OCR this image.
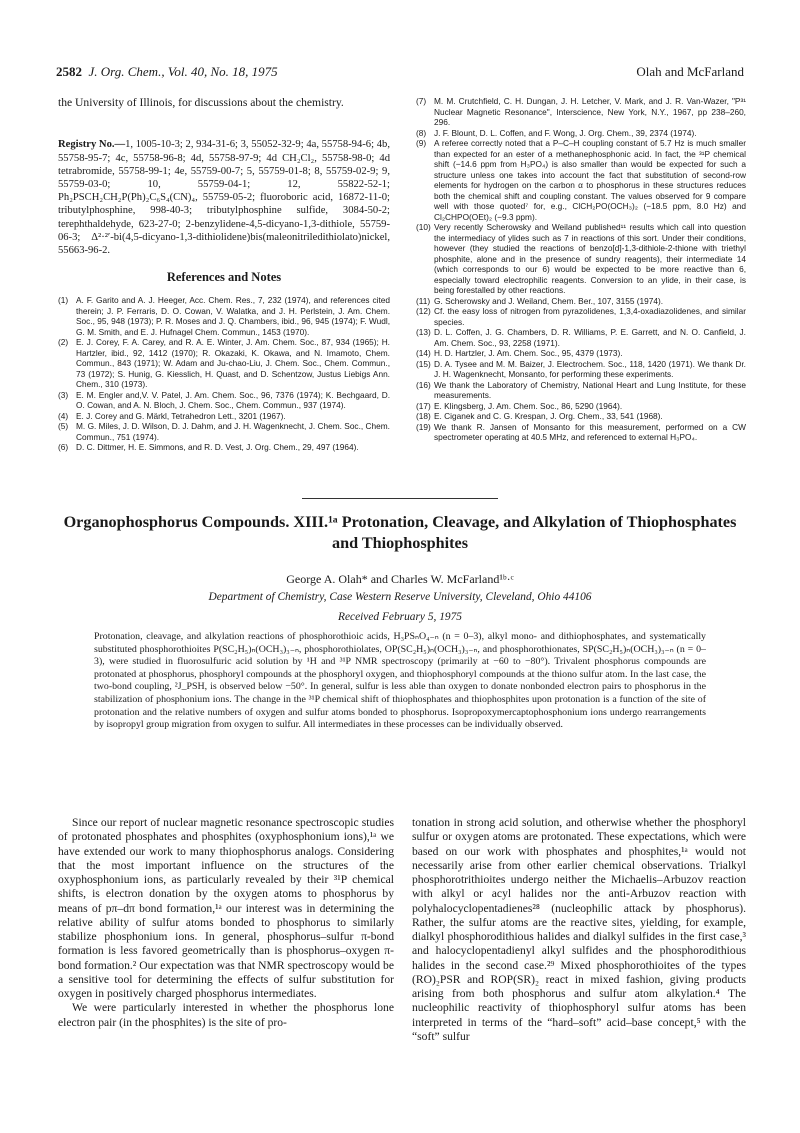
2582 J. Org. Chem., Vol. 40, No. 18, 1975	Olah and McFarland

the University of Illinois, for discussions about the chemistry.

Registry No.—1, 1005-10-3; 2, 934-31-6; 3, 55052-32-9; 4a, 55758-94-6; 4b, 55758-95-7; 4c, 55758-96-8; 4d, 55758-97-9; 4d CH₂Cl₂, 55758-98-0; 4d tetrabromide, 55758-99-1; 4e, 55759-00-7; 5, 55759-01-8; 8, 55759-02-9; 9, 55759-03-0; 10, 55759-04-1; 12, 55822-52-1; Ph₂PSCH₂CH₂P(Ph)₂C₆S₄(CN)₄, 55759-05-2; fluoroboric acid, 16872-11-0; tributylphosphine, 998-40-3; tributylphosphine sulfide, 3084-50-2; terephthaldehyde, 623-27-0; 2-benzylidene-4,5-dicyano-1,3-dithiole, 55759-06-3; Δ²·²′-bi(4,5-dicyano-1,3-dithiolidene)bis(maleonitriledithiolato)nickel, 55663-96-2.

References and Notes
(1) A. F. Garito and A. J. Heeger, Acc. Chem. Res., 7, 232 (1974), and references cited therein; J. P. Ferraris, D. O. Cowan, V. Walatka, and J. H. Perlstein, J. Am. Chem. Soc., 95, 948 (1973); P. R. Moses and J. Q. Chambers, ibid., 96, 945 (1974); F. Wudl, G. M. Smith, and E. J. Hufnagel Chem. Commun., 1453 (1970).
(2) E. J. Corey, F. A. Carey, and R. A. E. Winter, J. Am. Chem. Soc., 87, 934 (1965); H. Hartzler, ibid., 92, 1412 (1970); R. Okazaki, K. Okawa, and N. Imamoto, Chem. Commun., 843 (1971); W. Adam and Ju-chao-Liu, J. Chem. Soc., Chem. Commun., 73 (1972); S. Hunig, G. Kiesslich, H. Quast, and D. Schentzow, Justus Liebigs Ann. Chem., 310 (1973).
(3) E. M. Engler and,V. V. Patel, J. Am. Chem. Soc., 96, 7376 (1974); K. Bechgaard, D. O. Cowan, and A. N. Bloch, J. Chem. Soc., Chem. Commun., 937 (1974).
(4) E. J. Corey and G. Märkl, Tetrahedron Lett., 3201 (1967).
(5) M. G. Miles, J. D. Wilson, D. J. Dahm, and J. H. Wagenknecht, J. Chem. Soc., Chem. Commun., 751 (1974).
(6) D. C. Dittmer, H. E. Simmons, and R. D. Vest, J. Org. Chem., 29, 497 (1964).
(7) M. M. Crutchfield, C. H. Dungan, J. H. Letcher, V. Mark, and J. R. Van-Wazer, "P³¹ Nuclear Magnetic Resonance", Interscience, New York, N.Y., 1967, pp 238–260, 296.
(8) J. F. Blount, D. L. Coffen, and F. Wong, J. Org. Chem., 39, 2374 (1974).
(9) A referee correctly noted that a P–C–H coupling constant of 5.7 Hz is much smaller than expected for an ester of a methanephosphonic acid. In fact, the ³¹P chemical shift (−14.6 ppm from H₃PO₄) is also smaller than would be expected for such a structure unless one takes into account the fact that substitution of second-row elements for hydrogen on the carbon α to phosphorus in these structures reduces both the chemical shift and coupling constant. The values observed for 9 compare well with those quoted⁷ for, e.g., ClCH₂PO(OCH₃)₂ (−18.5 ppm, 8.0 Hz) and Cl₂CHPO(OEt)₂ (−9.3 ppm).
(10) Very recently Scherowsky and Weiland published¹¹ results which call into question the intermediacy of ylides such as 7 in reactions of this sort. Under their conditions, however (they studied the reactions of benzo[d]-1,3-dithiole-2-thione with triethyl phosphite, alone and in the presence of sundry reagents), their intermediate 14 (which corresponds to our 6) would be expected to be more reactive than 6, especially toward electrophilic reagents. Conversion to an ylide, in their case, is being forestalled by other reactions.
(11) G. Scherowsky and J. Weiland, Chem. Ber., 107, 3155 (1974).
(12) Cf. the easy loss of nitrogen from pyrazolidenes, 1,3,4-oxadiazolidenes, and similar species.
(13) D. L. Coffen, J. G. Chambers, D. R. Williams, P. E. Garrett, and N. O. Canfield, J. Am. Chem. Soc., 93, 2258 (1971).
(14) H. D. Hartzler, J. Am. Chem. Soc., 95, 4379 (1973).
(15) D. A. Tysee and M. M. Baizer, J. Electrochem. Soc., 118, 1420 (1971). We thank Dr. J. H. Wagenknecht, Monsanto, for performing these experiments.
(16) We thank the Laboratory of Chemistry, National Heart and Lung Institute, for these measurements.
(17) E. Klingsberg, J. Am. Chem. Soc., 86, 5290 (1964).
(18) E. Ciganek and C. G. Krespan, J. Org. Chem., 33, 541 (1968).
(19) We thank R. Jansen of Monsanto for this measurement, performed on a CW spectrometer operating at 40.5 MHz, and referenced to external H₃PO₄.
Organophosphorus Compounds. XIII.¹ᵃ Protonation, Cleavage, and Alkylation of Thiophosphates and Thiophosphites
George A. Olah* and Charles W. McFarland¹ᵇ·ᶜ
Department of Chemistry, Case Western Reserve University, Cleveland, Ohio 44106
Received February 5, 1975

Protonation, cleavage, and alkylation reactions of phosphorothioic acids, H₃PSₙO₄₋ₙ (n = 0–3), alkyl mono- and dithiophosphates, and systematically substituted phosphorothioites P(SC₂H₅)ₙ(OCH₃)₃₋ₙ, phosphorothiolates, OP(SC₂H₅)ₙ(OCH₃)₃₋ₙ, and phosphorothionates, SP(SC₂H₅)ₙ(OCH₃)₃₋ₙ (n = 0–3), were studied in fluorosulfuric acid solution by ¹H and ³¹P NMR spectroscopy (primarily at −60 to −80°). Trivalent phosphorus compounds are protonated at phosphorus, phosphoryl compounds at the phosphoryl oxygen, and thiophosphoryl compounds at the thiono sulfur atom. In the last case, the two-bond coupling, ²J_PSH, is observed below −50°. In general, sulfur is less able than oxygen to donate nonbonded electron pairs to phosphorus in the stabilization of phosphonium ions. The change in the ³¹P chemical shift of thiophosphates and thiophosphites upon protonation is a function of the site of protonation and the relative numbers of oxygen and sulfur atoms bonded to phosphorus. Isopropoxymercaptophosphonium ions undergo rearrangements by isopropyl group migration from oxygen to sulfur. All intermediates in these processes can be individually observed.

Since our report of nuclear magnetic resonance spectroscopic studies of protonated phosphates and phosphites (oxyphosphonium ions),¹ᵃ we have extended our work to many thiophosphorus analogs. Considering that the most important influence on the structures of the oxyphosphonium ions, as particularly revealed by their ³¹P chemical shifts, is electron donation by the oxygen atoms to phosphorus by means of pπ–dπ bond formation,¹ᵃ our interest was in determining the relative ability of sulfur atoms bonded to phosphorus to similarly stabilize phosphonium ions. In general, phosphorus–sulfur π-bond formation is less favored geometrically than is phosphorus–oxygen π-bond formation.² Our expectation was that NMR spectroscopy would be a sensitive tool for determining the effects of sulfur substitution for oxygen in positively charged phosphorus intermediates.

We were particularly interested in whether the phosphorus lone electron pair (in the phosphites) is the site of pro-

tonation in strong acid solution, and otherwise whether the phosphoryl sulfur or oxygen atoms are protonated. These expectations, which were based on our work with phosphates and phosphites,¹ᵃ would not necessarily arise from other earlier chemical observations. Trialkyl phosphorotrithioites undergo neither the Michaelis–Arbuzov reaction with alkyl or acyl halides nor the anti-Arbuzov reaction with polyhalocyclopentadienes²⁸ (nucleophilic attack by phosphorus). Rather, the sulfur atoms are the reactive sites, yielding, for example, dialkyl phosphorodithious halides and dialkyl sulfides in the first case,³ and halocyclopentadienyl alkyl sulfides and the phosphorodithious halides in the second case.²⁹ Mixed phosphorothioites of the types (RO)₂PSR and ROP(SR)₂ react in mixed fashion, giving products arising from both phosphorus and sulfur atom alkylation.⁴ The nucleophilic reactivity of thiophosphoryl sulfur atoms has been interpreted in terms of the “hard–soft” acid–base concept,⁵ with the “soft” sulfur
